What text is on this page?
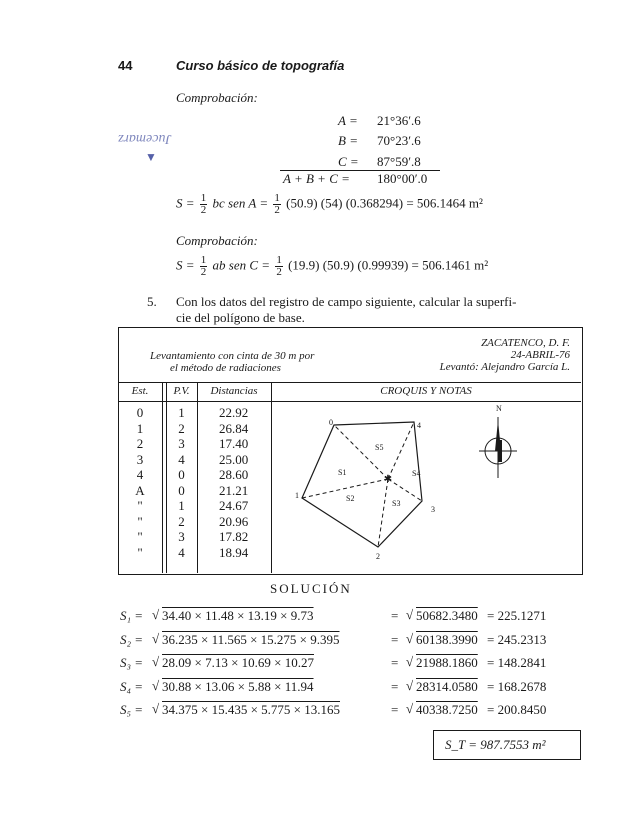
44	Curso básico de topografía
Jucemarz
▼
Comprobación:
A = 21°36′.6
B = 70°23′.6
C = 87°59′.8
A + B + C = 180°00′.0
$S = \frac{1}{2}$ bc sen $A = \frac{1}{2} (50.9)$ (54) (0.368294) = 506.1464 m²
Comprobación:
$S = \frac{1}{2}$ ab sen $C = \frac{1}{2} (19.9)$ (50.9) (0.99939) = 506.1461 m²
5. Con los datos del registro de campo siguiente, calcular la superfi-
cie del polígono de base.
Levantamiento con cinta de 30 m por
el método de radiaciones
ZACATENCO, D. F.
24-ABRIL-76
Levantó: Alejandro García L.
Est.	P.V.	Distancias	CROQUIS Y NOTAS
0	1	22.92
1	2	26.84
2	3	17.40
3	4	25.00
4	0	28.60
A	0	21.21
"	1	24.67
"	2	20.96
"	3	17.82
"	4	18.94
✱
0
1
2
3
4
S1
S2
S3
S4
S5
N
SOLUCIÓN
S₁ = √ 34.40 × 11.48 × 13.19 × 9.73	= √ 50682.3480 = 225.1271
S₂ = √ 36.235 × 11.565 × 15.275 × 9.395	= √ 60138.3990 = 245.2313
S₃ = √ 28.09 × 7.13 × 10.69 × 10.27	= √ 21988.1860 = 148.2841
S₄ = √ 30.88 × 13.06 × 5.88 × 11.94	= √ 28314.0580 = 168.2678
S₅ = √ 34.375 × 15.435 × 5.775 × 13.165	= √ 40338.7250 = 200.8450
S_T = 987.7553 m²
